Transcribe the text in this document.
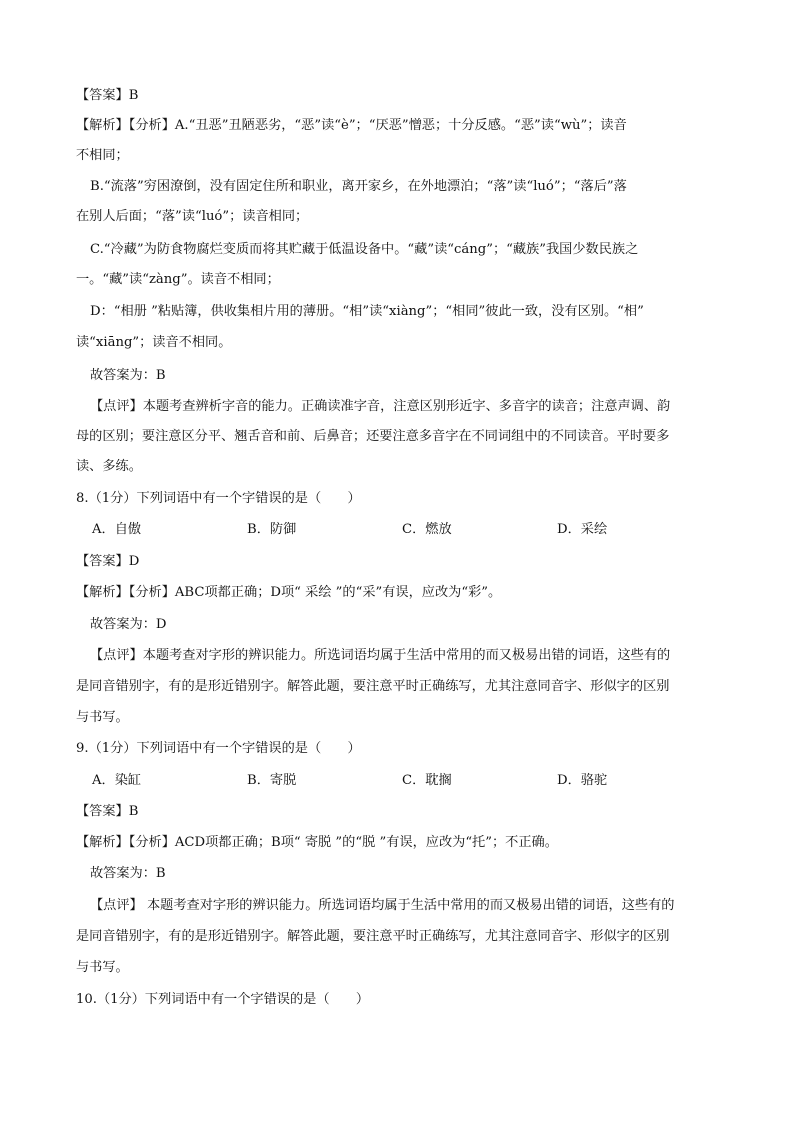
【答案】B
【解析】【分析】A.“丑恶”丑陋恶劣，“恶”读“è”；“厌恶”憎恶；十分反感。“恶”读“wù”；读音
不相同；
B.“流落”穷困潦倒，没有固定住所和职业，离开家乡，在外地漂泊；“落”读“luó”；“落后”落
在别人后面；“落”读“luó”；读音相同；
C.“冷藏”为防食物腐烂变质而将其贮藏于低温设备中。“藏”读“cáng”；“藏族”我国少数民族之
一。“藏”读“zàng”。读音不相同；
D：“相册 ”粘贴簿，供收集相片用的薄册。“相”读“xiàng”；“相同”彼此一致，没有区别。“相”
读“xiāng”；读音不相同。
故答案为：B
【点评】本题考查辨析字音的能力。正确读准字音，注意区别形近字、多音字的读音；注意声调、韵
母的区别；要注意区分平、翘舌音和前、后鼻音；还要注意多音字在不同词组中的不同读音。平时要多
读、多练。
8.（1分）下列词语中有一个字错误的是（　　）
A．自傲	B．防御	C．燃放	D．采绘
【答案】D
【解析】【分析】ABC项都正确；D项“ 采绘 ”的“采”有误，应改为“彩”。
故答案为：D
【点评】本题考查对字形的辨识能力。所选词语均属于生活中常用的而又极易出错的词语，这些有的
是同音错别字，有的是形近错别字。解答此题，要注意平时正确练写，尤其注意同音字、形似字的区别
与书写。
9.（1分）下列词语中有一个字错误的是（　　）
A．染缸	B．寄脱	C．耽搁	D．骆驼
【答案】B
【解析】【分析】ACD项都正确；B项“ 寄脱 ”的“脱 ”有误，应改为“托”；不正确。
故答案为：B
【点评】 本题考查对字形的辨识能力。所选词语均属于生活中常用的而又极易出错的词语，这些有的
是同音错别字，有的是形近错别字。解答此题，要注意平时正确练写，尤其注意同音字、形似字的区别
与书写。
10.（1分）下列词语中有一个字错误的是（　　）
